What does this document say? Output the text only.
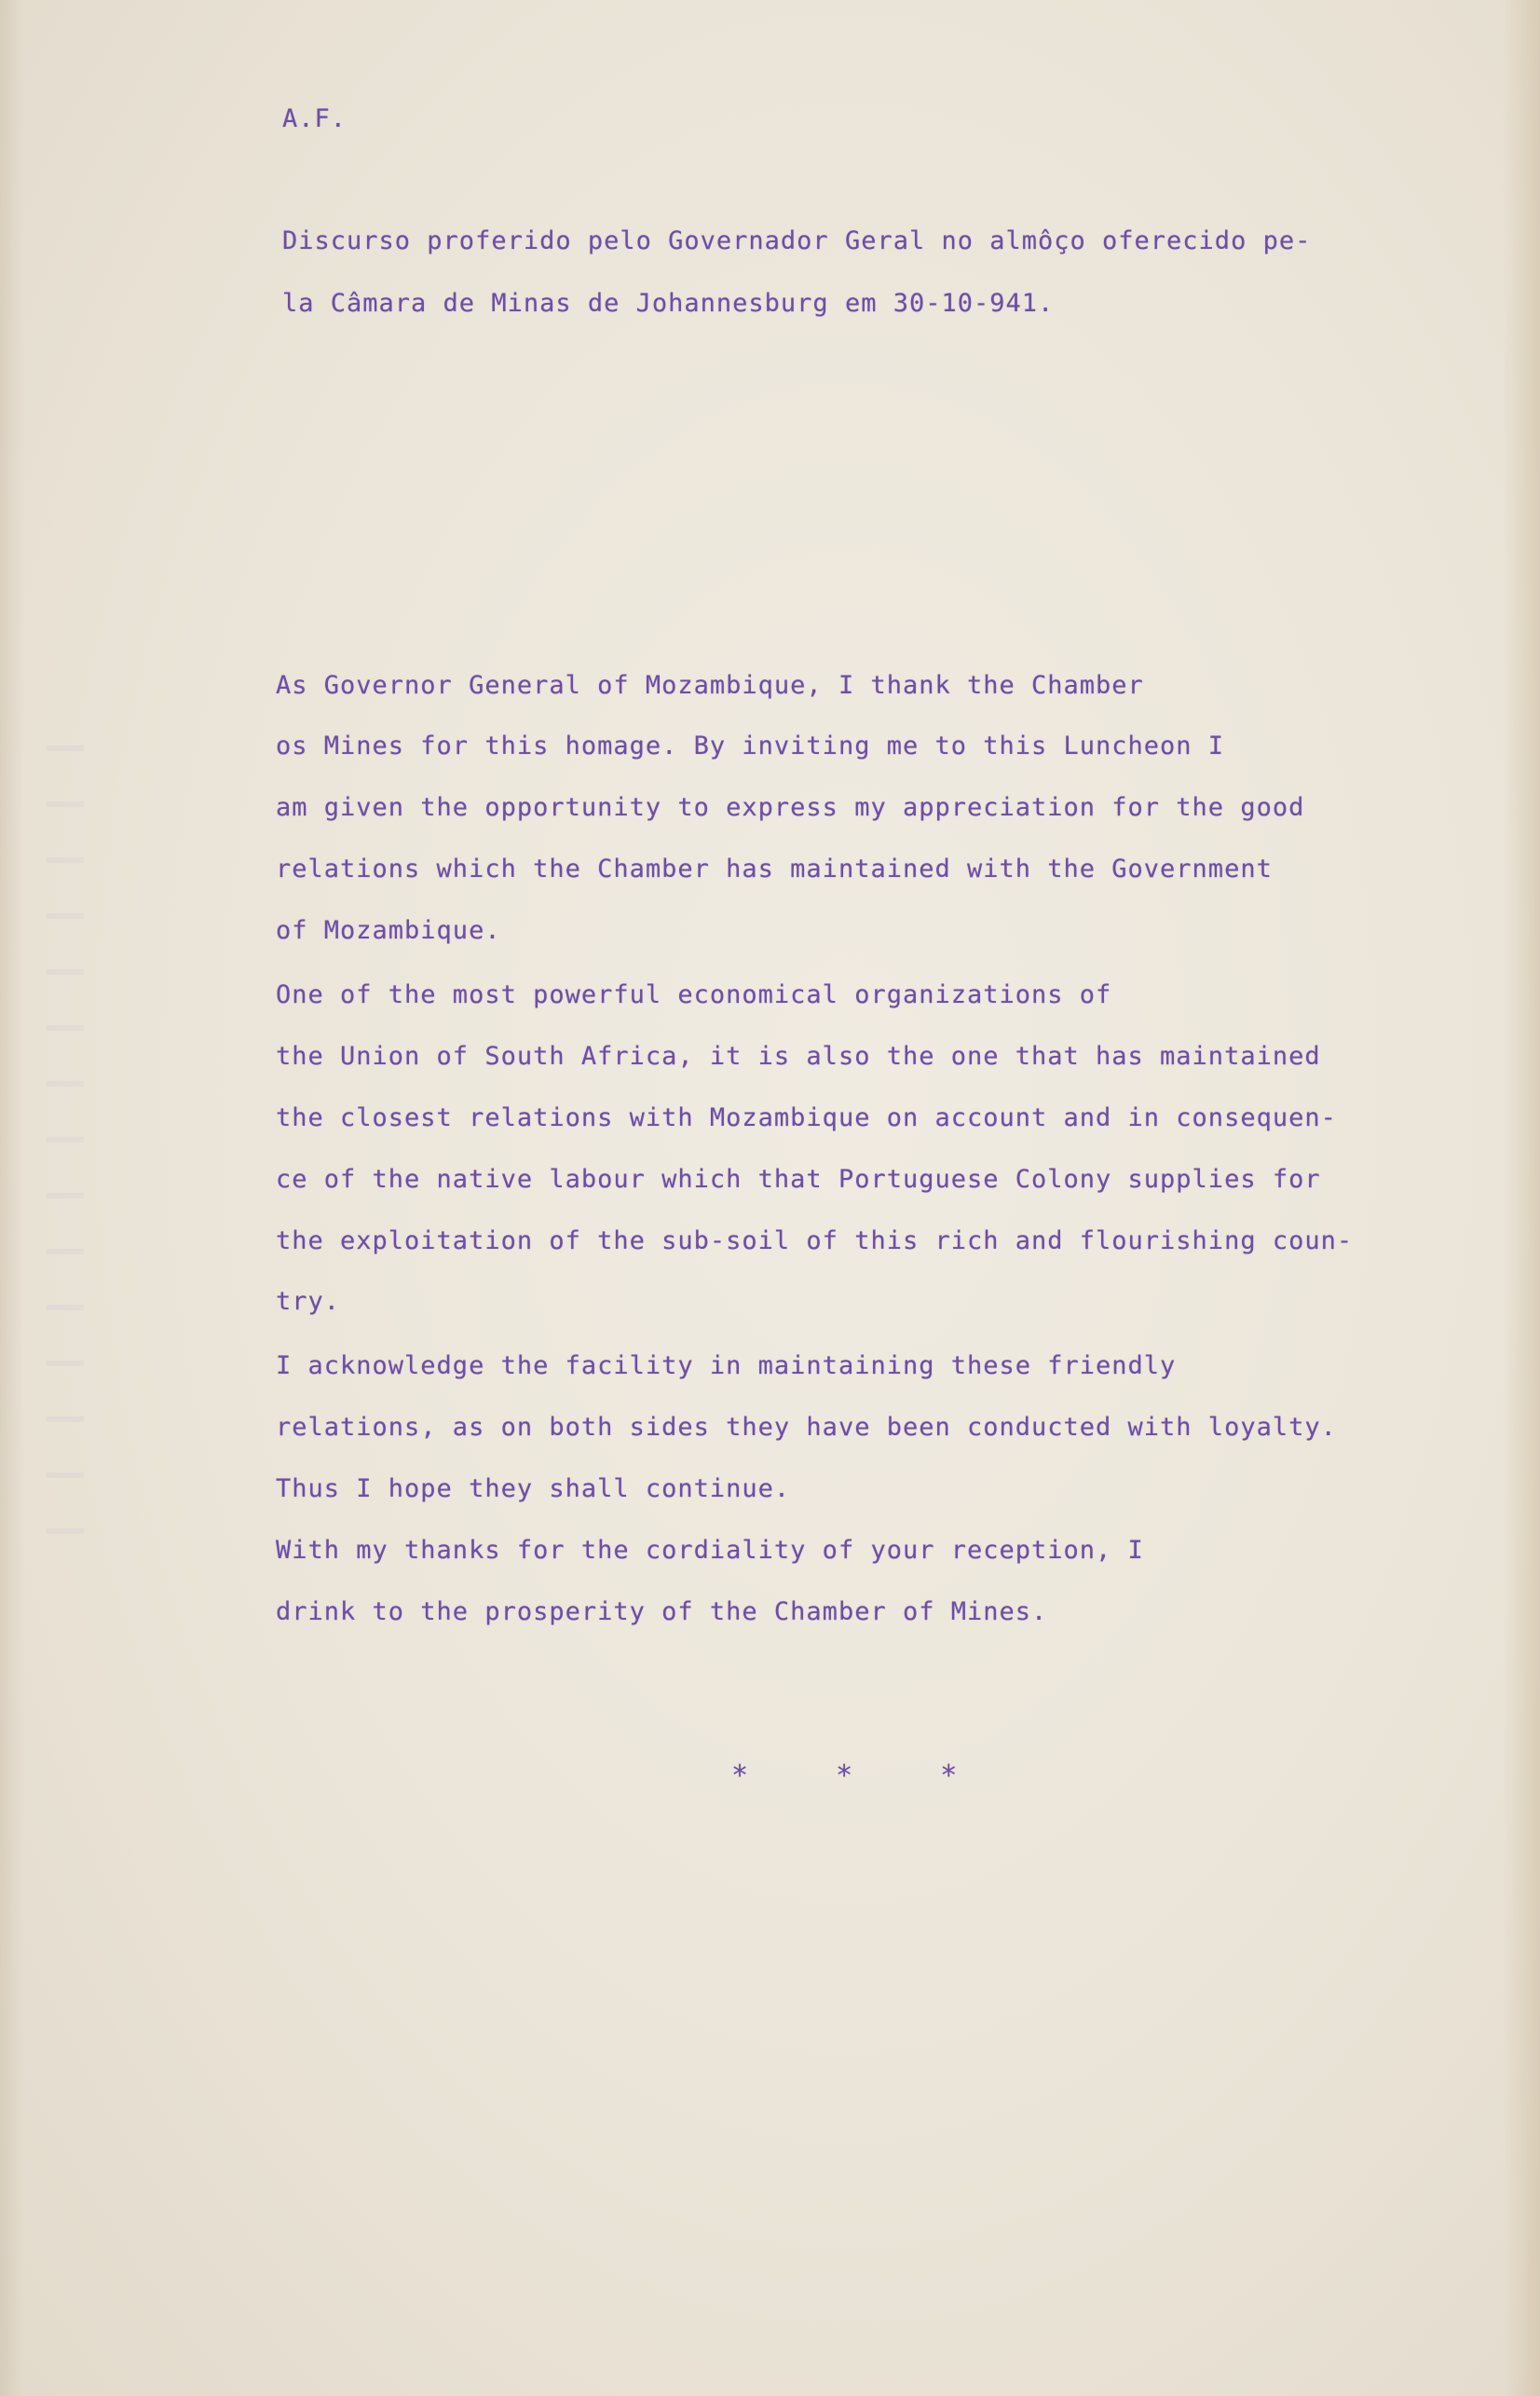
A.F.
Discurso proferido pelo Governador Geral no almôço oferecido pe-
la Câmara de Minas de Johannesburg em 30-10-941.
As Governor General of Mozambique, I thank the Chamber
os Mines for this homage. By inviting me to this Luncheon I
am given the opportunity to express my appreciation for the good
relations which the Chamber has maintained with the Government
of Mozambique.
One of the most powerful economical organizations of
the Union of South Africa, it is also the one that has maintained
the closest relations with Mozambique on account and in consequen-
ce of the native labour which that Portuguese Colony supplies for
the exploitation of the sub-soil of this rich and flourishing coun-
try.
I acknowledge the facility in maintaining these friendly
relations, as on both sides they have been conducted with loyalty.
Thus I hope they shall continue.
With my thanks for the cordiality of your reception, I
drink to the prosperity of the Chamber of Mines.
* * *
